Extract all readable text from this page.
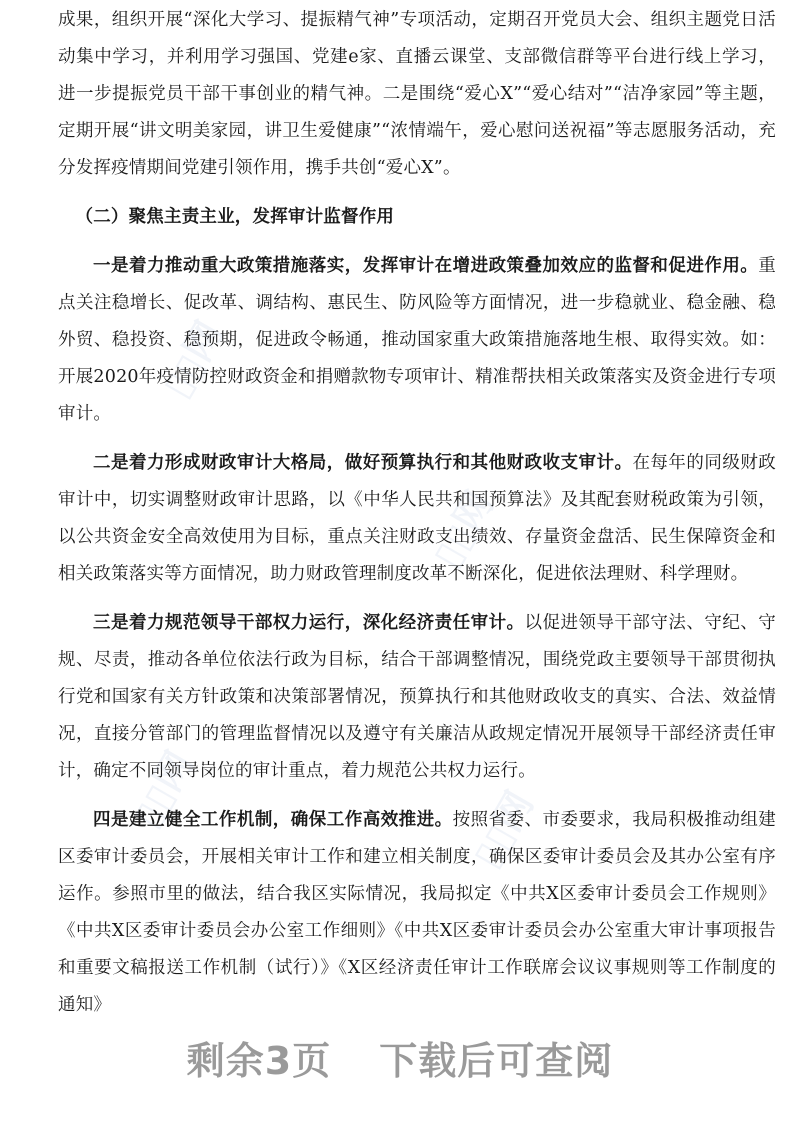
▯▯网
▯▯网
▯▯网	▯▯网

成果，组织开展“深化大学习、提振精气神”专项活动，定期召开党员大会、组织主题党日活动集中学习，并利用学习强国、党建e家、直播云课堂、支部微信群等平台进行线上学习，进一步提振党员干部干事创业的精气神。二是围绕“爱心X”“爱心结对”“洁净家园”等主题，定期开展“讲文明美家园，讲卫生爱健康”“浓情端午，爱心慰问送祝福”等志愿服务活动，充分发挥疫情期间党建引领作用，携手共创“爱心X”。

（二）聚焦主责主业，发挥审计监督作用

一是着力推动重大政策措施落实，发挥审计在增进政策叠加效应的监督和促进作用。重点关注稳增长、促改革、调结构、惠民生、防风险等方面情况，进一步稳就业、稳金融、稳外贸、稳投资、稳预期，促进政令畅通，推动国家重大政策措施落地生根、取得实效。如：开展2020年疫情防控财政资金和捐赠款物专项审计、精准帮扶相关政策落实及资金进行专项审计。

二是着力形成财政审计大格局，做好预算执行和其他财政收支审计。在每年的同级财政审计中，切实调整财政审计思路，以《中华人民共和国预算法》及其配套财税政策为引领，以公共资金安全高效使用为目标，重点关注财政支出绩效、存量资金盘活、民生保障资金和相关政策落实等方面情况，助力财政管理制度改革不断深化，促进依法理财、科学理财。

三是着力规范领导干部权力运行，深化经济责任审计。以促进领导干部守法、守纪、守规、尽责，推动各单位依法行政为目标，结合干部调整情况，围绕党政主要领导干部贯彻执行党和国家有关方针政策和决策部署情况，预算执行和其他财政收支的真实、合法、效益情况，直接分管部门的管理监督情况以及遵守有关廉洁从政规定情况开展领导干部经济责任审计，确定不同领导岗位的审计重点，着力规范公共权力运行。

四是建立健全工作机制，确保工作高效推进。按照省委、市委要求，我局积极推动组建区委审计委员会，开展相关审计工作和建立相关制度，确保区委审计委员会及其办公室有序运作。参照市里的做法，结合我区实际情况，我局拟定《中共X区委审计委员会工作规则》《中共X区委审计委员会办公室工作细则》《中共X区委审计委员会办公室重大审计事项报告和重要文稿报送工作机制（试行）》《X区经济责任审计工作联席会议议事规则等工作制度的通知》

剩余3页 下载后可查阅
